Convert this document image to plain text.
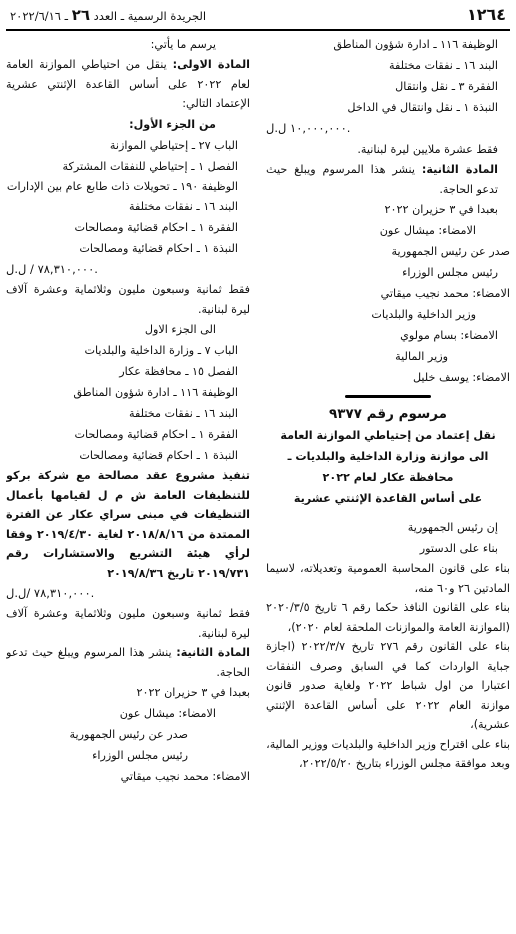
١٢٦٤
الجريدة الرسمية ـ العدد ٢٦ ـ ٢٠٢٢/٦/١٦
الوظيفة ١١٦ ـ ادارة شؤون المناطق
البند ١٦ ـ نفقات مختلفة
الفقرة ٣ ـ نقل وانتقال
النبذة ١ ـ نقل وانتقال في الداخل
١٠,٠٠٠,٠٠٠ ل.ل.
فقط عشرة ملايين ليرة لبنانية.
المادة الثانية: ينشر هذا المرسوم ويبلغ حيث تدعو الحاجة.
بعبدا في ٣ حزيران ٢٠٢٢
الامضاء: ميشال عون
صدر عن رئيس الجمهورية
رئيس مجلس الوزراء
الامضاء: محمد نجيب ميقاتي
وزير الداخلية والبلديات
الامضاء: بسام مولوي
وزير المالية
الامضاء: يوسف خليل
مرسوم رقم ٩٣٧٧
نقل إعتماد من إحتياطي الموازنة العامة
الى موازنة وزارة الداخلية والبلديات ـ
محافظة عكار لعام ٢٠٢٢
على أساس القاعدة الإثنتي عشرية
إن رئيس الجمهورية
بناء على الدستور
بناء على قانون المحاسبة العمومية وتعديلاته، لاسيما المادتين ٢٦ و٦٠ منه،
بناء على القانون النافذ حكما رقم ٦ تاريخ ٢٠٢٠/٣/٥ (الموازنة العامة والموازنات الملحقة لعام ٢٠٢٠)،
بناء على القانون رقم ٢٧٦ تاريخ ٢٠٢٢/٣/٧ (اجازة جباية الواردات كما في السابق وصرف النفقات اعتبارا من اول شباط ٢٠٢٢ ولغاية صدور قانون موازنة العام ٢٠٢٢ على أساس القاعدة الإثنتي عشرية)،
بناء على اقتراح وزير الداخلية والبلديات ووزير المالية،
وبعد موافقة مجلس الوزراء بتاريخ ٢٠٢٢/٥/٢٠،
يرسم ما يأتي:
المادة الاولى: ينقل من احتياطي الموازنة العامة لعام ٢٠٢٢ على أساس القاعدة الإثنتي عشرية الإعتماد التالي:
من الجزء الأول:
الباب ٢٧ ـ إحتياطي الموازنة
الفصل ١ ـ إحتياطي للنفقات المشتركة
الوظيفة ١٩٠ ـ تحويلات ذات طابع عام بين الإدارات
البند ١٦ ـ نفقات مختلفة
الفقرة ١ ـ احكام قضائية ومصالحات
النبذة ١ ـ احكام قضائية ومصالحات
٧٨,٣١٠,٠٠٠ / ل.ل.
فقط ثمانية وسبعون مليون وثلاثماية وعشرة آلاف ليرة لبنانية.
الى الجزء الاول
الباب ٧ ـ وزارة الداخلية والبلديات
الفصل ١٥ ـ محافظة عكار
الوظيفة ١١٦ ـ ادارة شؤون المناطق
البند ١٦ ـ نفقات مختلفة
الفقرة ١ ـ احكام قضائية ومصالحات
النبذة ١ ـ احكام قضائية ومصالحات
تنفيذ مشروع عقد مصالحة مع شركة بركو للتنظيفات العامة ش م ل لقيامها بأعمال التنظيفات في مبنى سراي عكار عن الفترة الممتدة من ٢٠١٨/٨/١٦ لغاية ٢٠١٩/٤/٣٠ وفقا لرأي هيئة التشريع والاستشارات رقم ٢٠١٩/٧٣١ تاريخ ٢٠١٩/٨/٣٦
٧٨,٣١٠,٠٠٠ /ل.ل.
فقط ثمانية وسبعون مليون وثلاثماية وعشرة آلاف ليرة لبنانية.
المادة الثانية: ينشر هذا المرسوم ويبلغ حيث تدعو الحاجة.
بعبدا في ٣ حزيران ٢٠٢٢
الامضاء: ميشال عون
صدر عن رئيس الجمهورية
رئيس مجلس الوزراء
الامضاء: محمد نجيب ميقاتي
